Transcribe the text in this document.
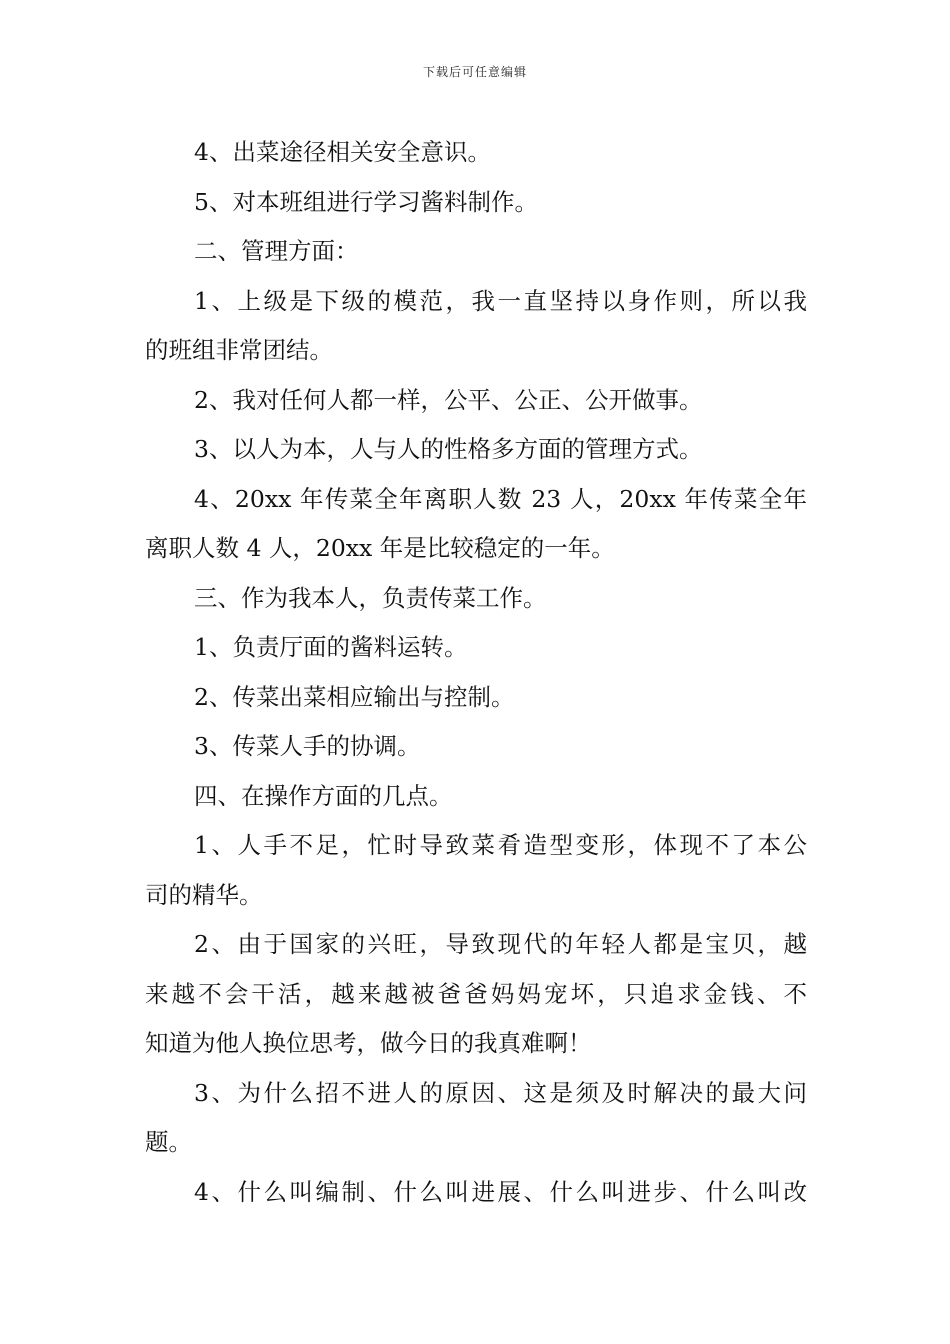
下载后可任意编辑
4、出菜途径相关安全意识。
5、对本班组进行学习酱料制作。
二、管理方面：
1、上级是下级的模范，我一直坚持以身作则，所以我
的班组非常团结。
2、我对任何人都一样，公平、公正、公开做事。
3、以人为本，人与人的性格多方面的管理方式。
4、20xx 年传菜全年离职人数 23 人，20xx 年传菜全年
离职人数 4 人，20xx 年是比较稳定的一年。
三、作为我本人，负责传菜工作。
1、负责厅面的酱料运转。
2、传菜出菜相应输出与控制。
3、传菜人手的协调。
四、在操作方面的几点。
1、人手不足，忙时导致菜肴造型变形，体现不了本公
司的精华。
2、由于国家的兴旺，导致现代的年轻人都是宝贝，越
来越不会干活，越来越被爸爸妈妈宠坏，只追求金钱、不
知道为他人换位思考，做今日的我真难啊！
3、为什么招不进人的原因、这是须及时解决的最大问
题。
4、什么叫编制、什么叫进展、什么叫进步、什么叫改
